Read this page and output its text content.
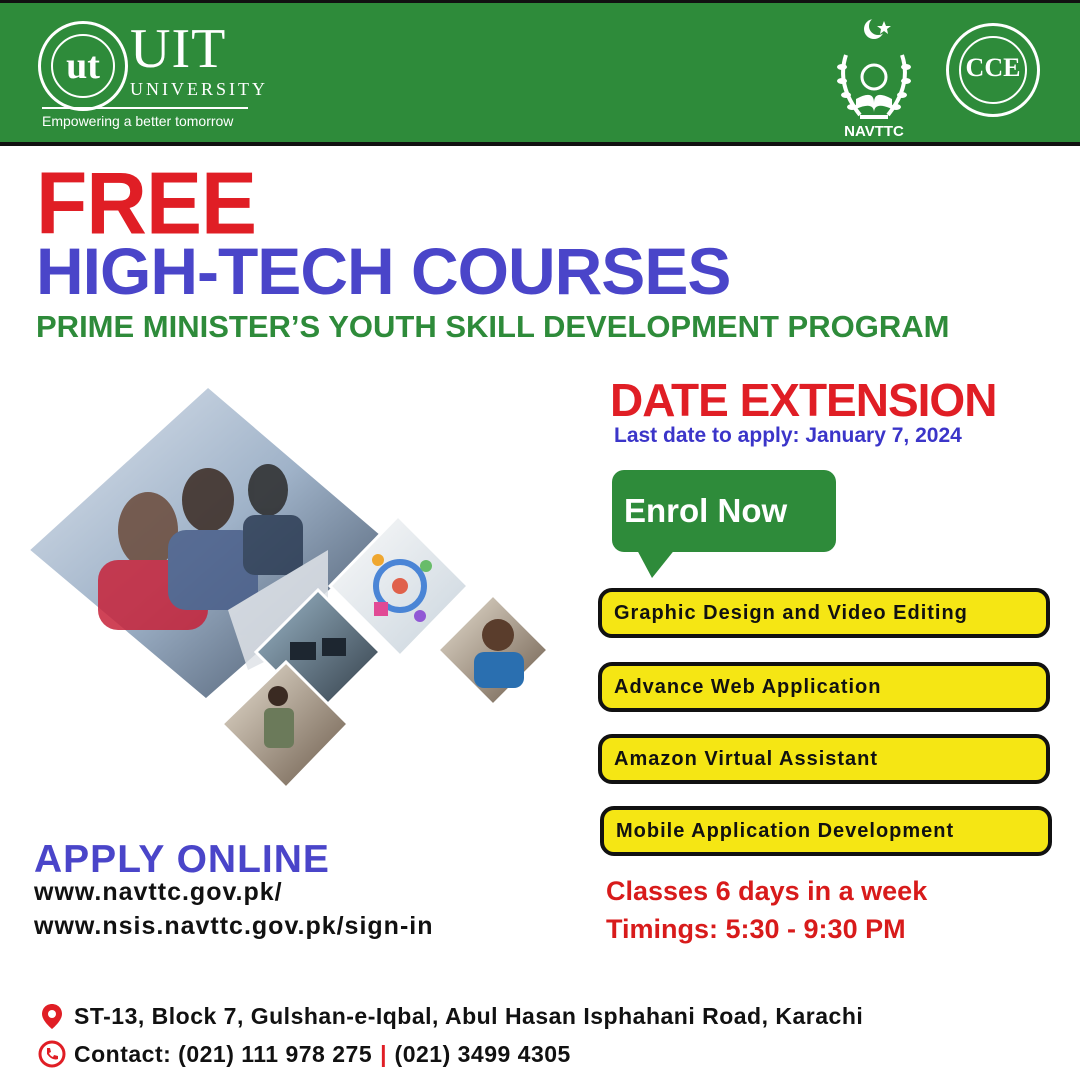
ut UIT
UNIVERSITY
Empowering a better tomorrow
NAVTTC
CCE
FREE
HIGH-TECH COURSES
PRIME MINISTER’S YOUTH SKILL DEVELOPMENT PROGRAM
DATE EXTENSION
Last date to apply: January 7, 2024
Enrol Now
Graphic Design and Video Editing
Advance Web Application
Amazon Virtual Assistant
Mobile Application Development
APPLY ONLINE
www.navttc.gov.pk/
www.nsis.navttc.gov.pk/sign-in
Classes 6 days in a week
Timings: 5:30 - 9:30 PM
ST-13, Block 7, Gulshan-e-Iqbal, Abul Hasan Isphahani Road, Karachi
Contact: (021) 111 978 275 | (021) 3499 4305
